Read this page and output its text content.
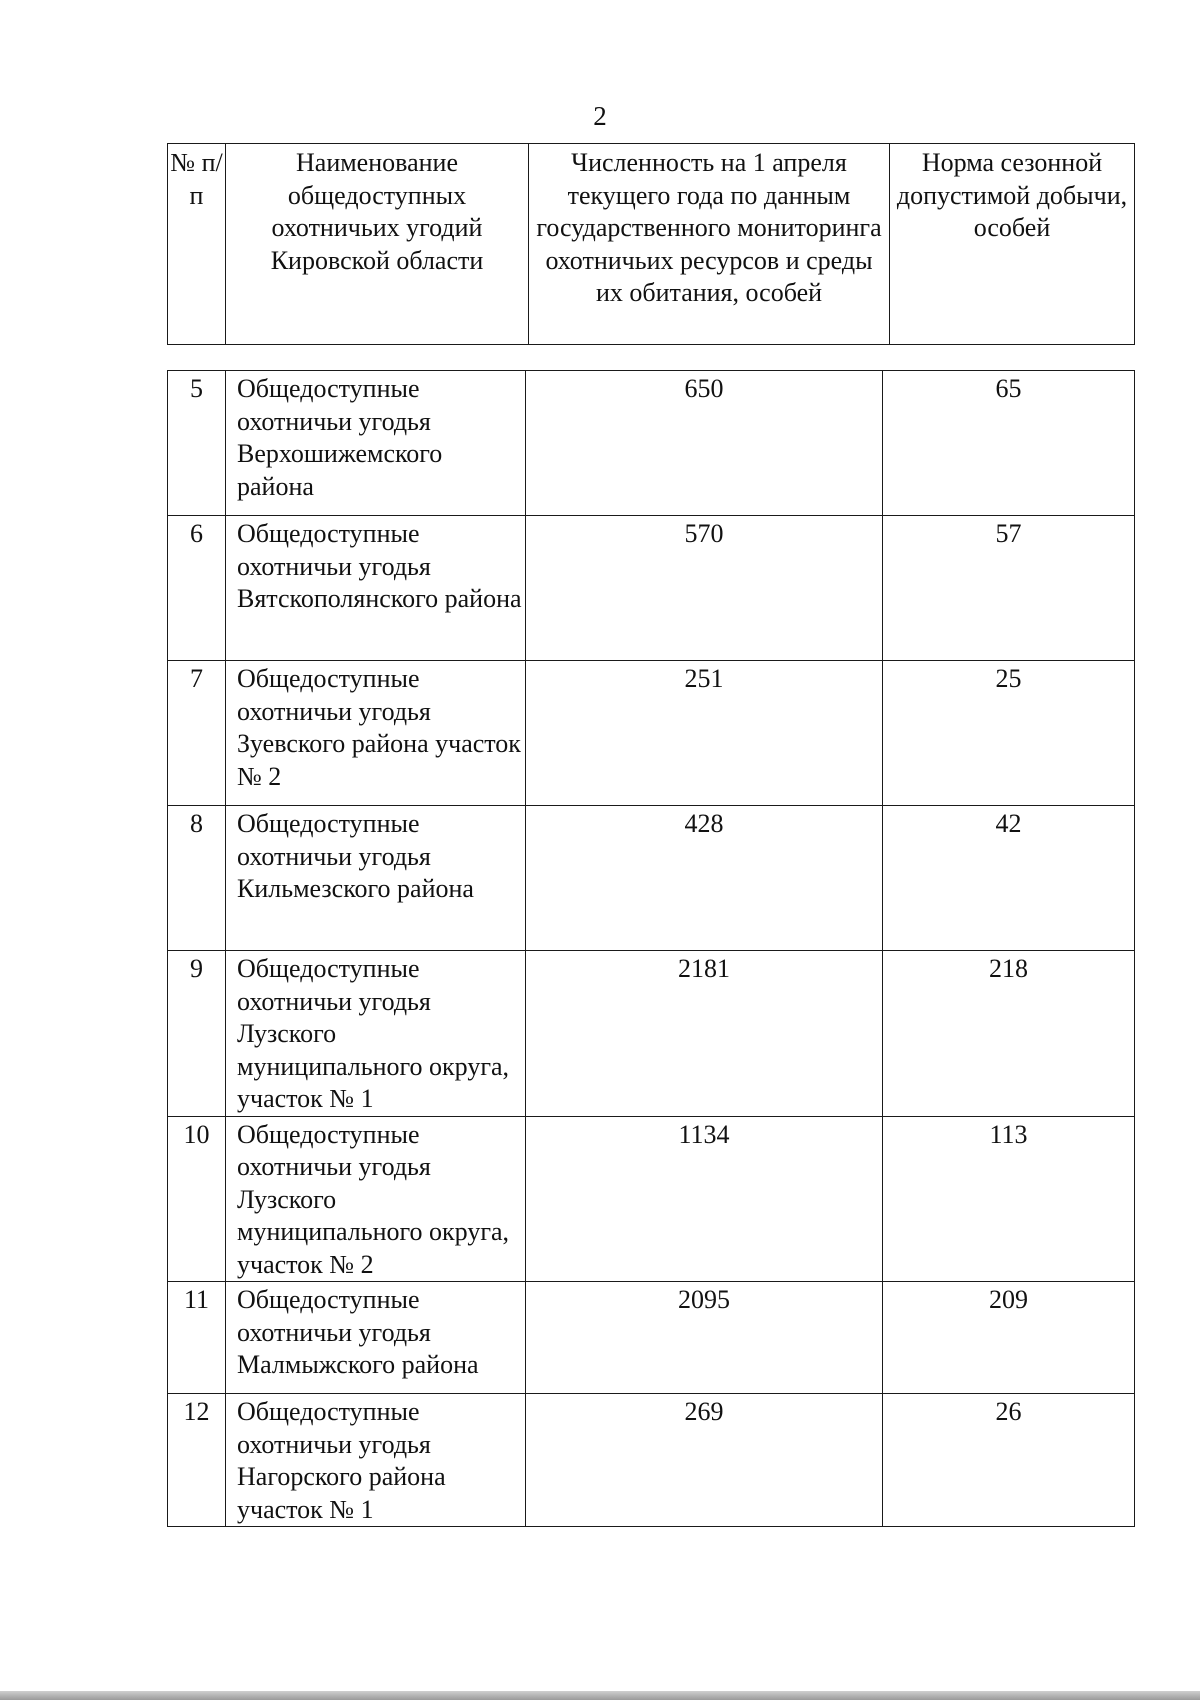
2
№ п/п	Наименование общедоступных охотничьих угодий Кировской области	Численность на 1 апреля текущего года по данным государственного мониторинга охотничьих ресурсов и среды их обитания, особей	Норма сезонной допустимой добычи, особей
5	Общедоступные охотничьи угодья Верхошижемского района	650	65
6	Общедоступные охотничьи угодья Вятскополянского района	570	57
7	Общедоступные охотничьи угодья Зуевского района участок № 2	251	25
8	Общедоступные охотничьи угодья Кильмезского района	428	42
9	Общедоступные охотничьи угодья Лузского муниципального округа, участок № 1	2181	218
10	Общедоступные охотничьи угодья Лузского муниципального округа, участок № 2	1134	113
11	Общедоступные охотничьи угодья Малмыжского района	2095	209
12	Общедоступные охотничьи угодья Нагорского района участок № 1	269	26
